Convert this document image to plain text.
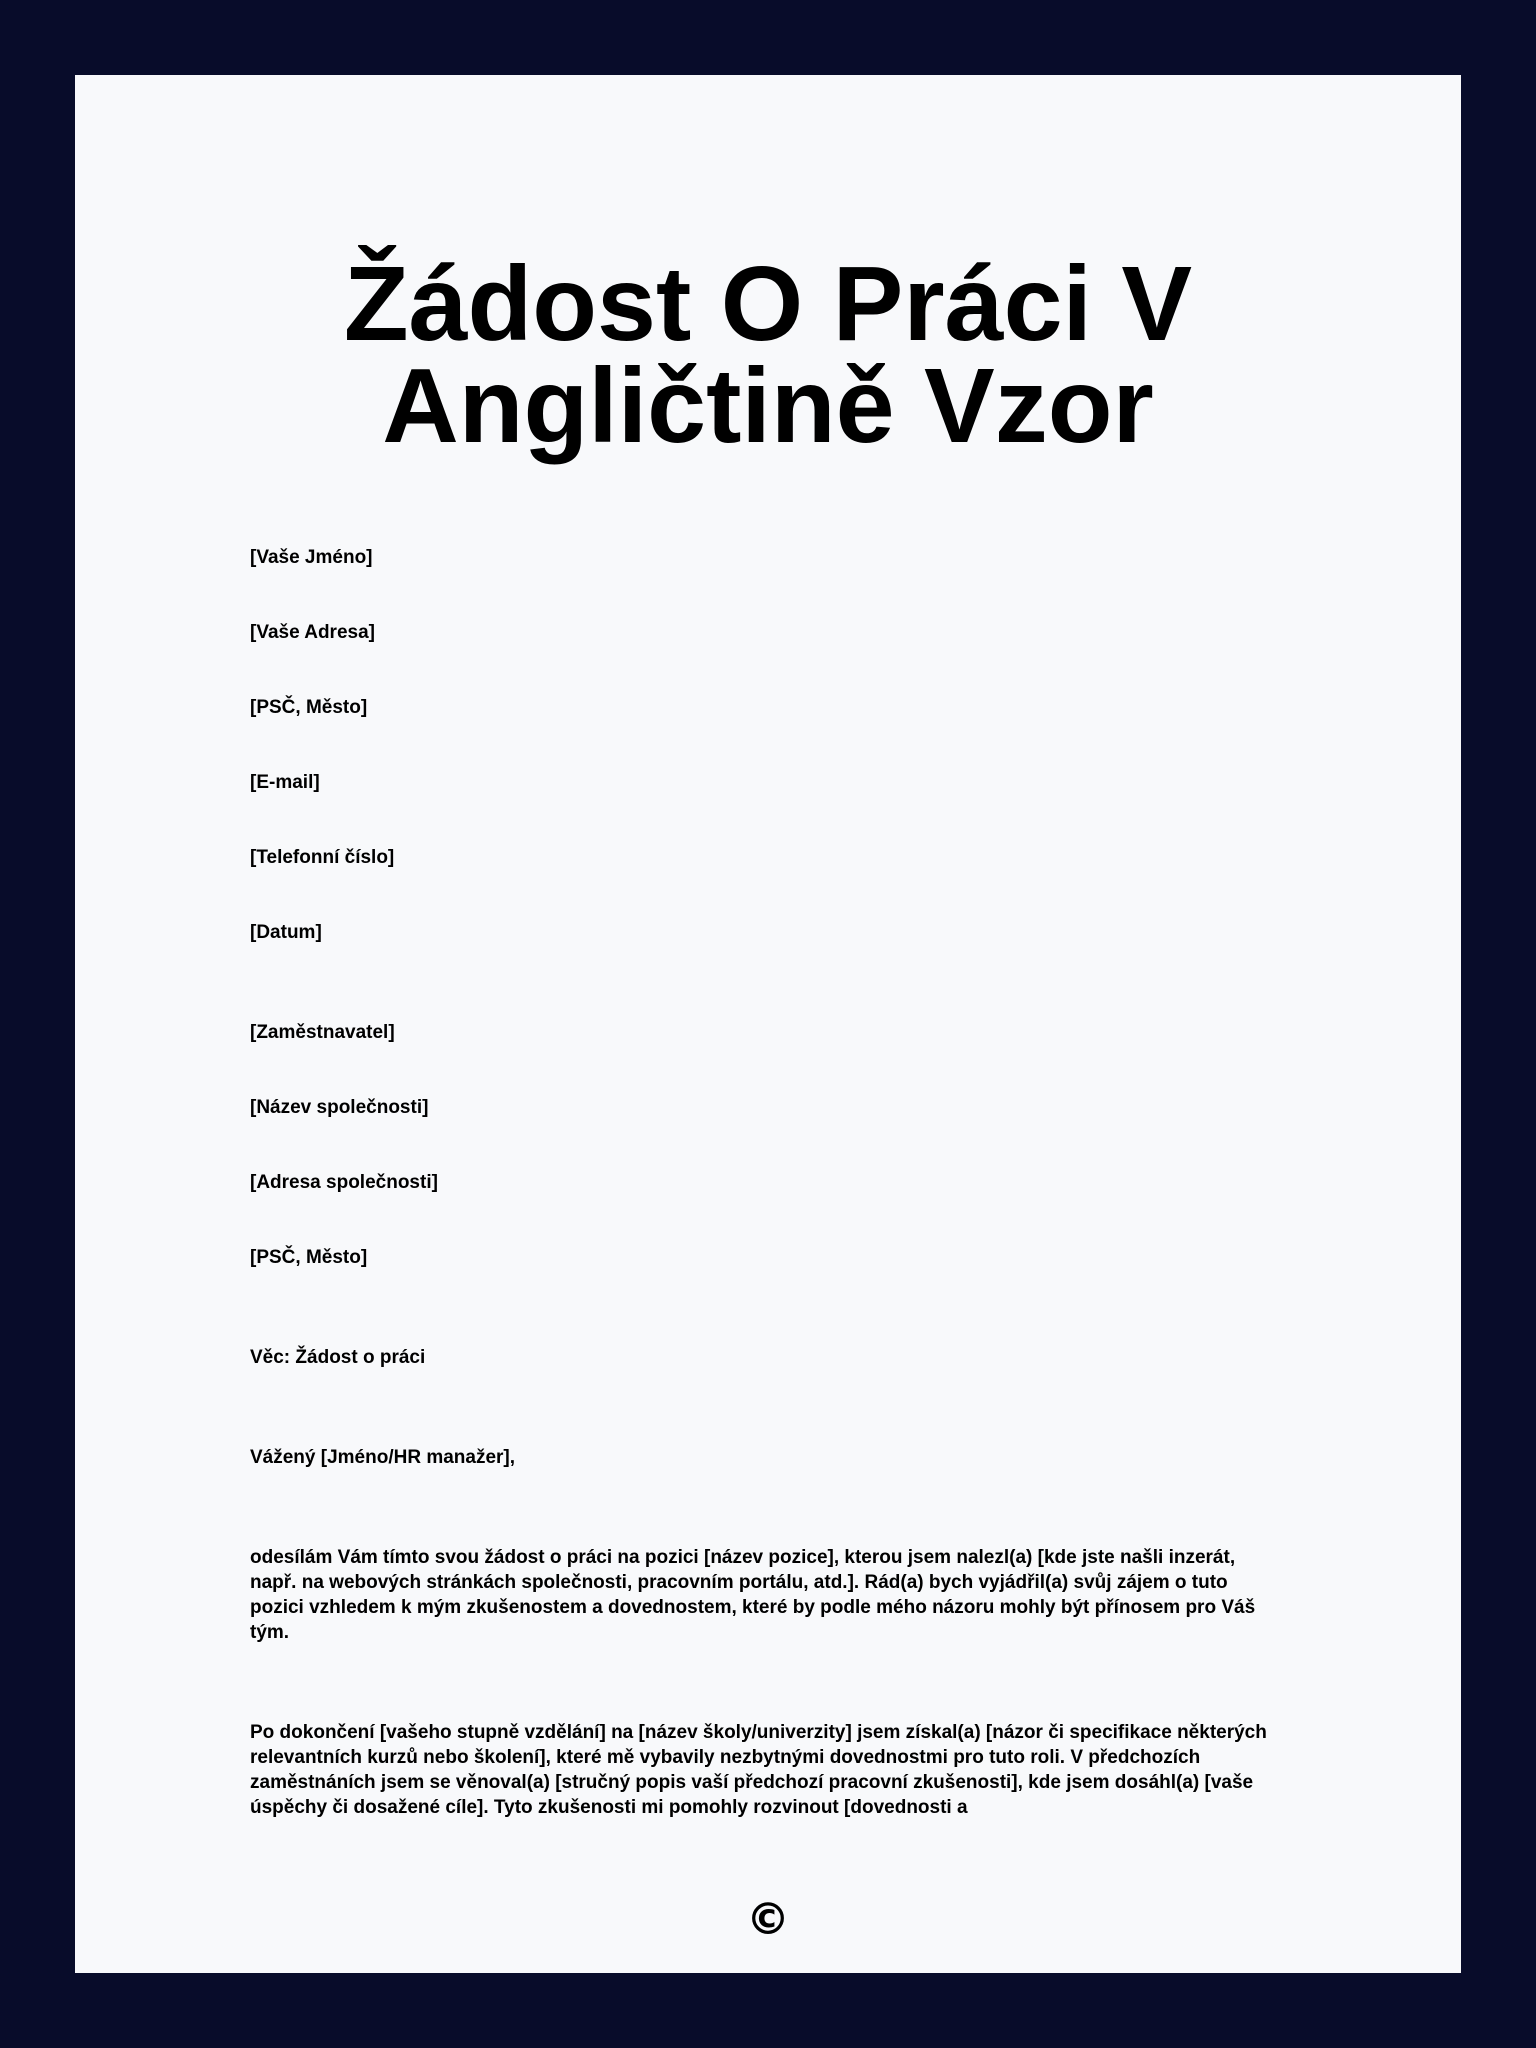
Žádost O Práci V Angličtině Vzor

[Vaše Jméno]

[Vaše Adresa]

[PSČ, Město]

[E-mail]

[Telefonní číslo]

[Datum]

[Zaměstnavatel]

[Název společnosti]

[Adresa společnosti]

[PSČ, Město]

Věc: Žádost o práci

Vážený [Jméno/HR manažer],

odesílám Vám tímto svou žádost o práci na pozici [název pozice], kterou jsem nalezl(a) [kde jste našli inzerát, např. na webových stránkách společnosti, pracovním portálu, atd.]. Rád(a) bych vyjádřil(a) svůj zájem o tuto pozici vzhledem k mým zkušenostem a dovednostem, které by podle mého názoru mohly být přínosem pro Váš tým.

Po dokončení [vašeho stupně vzdělání] na [název školy/univerzity] jsem získal(a) [názor či specifikace některých relevantních kurzů nebo školení], které mě vybavily nezbytnými dovednostmi pro tuto roli. V předchozích zaměstnáních jsem se věnoval(a) [stručný popis vaší předchozí pracovní zkušenosti], kde jsem dosáhl(a) [vaše úspěchy či dosažené cíle]. Tyto zkušenosti mi pomohly rozvinout [dovednosti a

©
